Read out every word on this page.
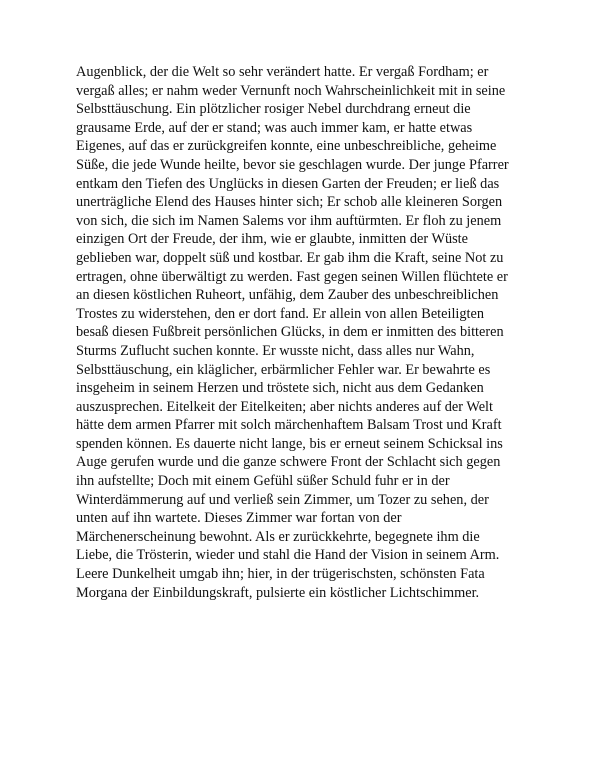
Augenblick, der die Welt so sehr verändert hatte. Er vergaß Fordham; er
vergaß alles; er nahm weder Vernunft noch Wahrscheinlichkeit mit in seine
Selbsttäuschung. Ein plötzlicher rosiger Nebel durchdrang erneut die
grausame Erde, auf der er stand; was auch immer kam, er hatte etwas
Eigenes, auf das er zurückgreifen konnte, eine unbeschreibliche, geheime
Süße, die jede Wunde heilte, bevor sie geschlagen wurde. Der junge Pfarrer
entkam den Tiefen des Unglücks in diesen Garten der Freuden; er ließ das
unerträgliche Elend des Hauses hinter sich; Er schob alle kleineren Sorgen
von sich, die sich im Namen Salems vor ihm auftürmten. Er floh zu jenem
einzigen Ort der Freude, der ihm, wie er glaubte, inmitten der Wüste
geblieben war, doppelt süß und kostbar. Er gab ihm die Kraft, seine Not zu
ertragen, ohne überwältigt zu werden. Fast gegen seinen Willen flüchtete er
an diesen köstlichen Ruheort, unfähig, dem Zauber des unbeschreiblichen
Trostes zu widerstehen, den er dort fand. Er allein von allen Beteiligten
besaß diesen Fußbreit persönlichen Glücks, in dem er inmitten des bitteren
Sturms Zuflucht suchen konnte. Er wusste nicht, dass alles nur Wahn,
Selbsttäuschung, ein kläglicher, erbärmlicher Fehler war. Er bewahrte es
insgeheim in seinem Herzen und tröstete sich, nicht aus dem Gedanken
auszusprechen. Eitelkeit der Eitelkeiten; aber nichts anderes auf der Welt
hätte dem armen Pfarrer mit solch märchenhaftem Balsam Trost und Kraft
spenden können. Es dauerte nicht lange, bis er erneut seinem Schicksal ins
Auge gerufen wurde und die ganze schwere Front der Schlacht sich gegen
ihn aufstellte; Doch mit einem Gefühl süßer Schuld fuhr er in der
Winterdämmerung auf und verließ sein Zimmer, um Tozer zu sehen, der
unten auf ihn wartete. Dieses Zimmer war fortan von der
Märchenerscheinung bewohnt. Als er zurückkehrte, begegnete ihm die
Liebe, die Trösterin, wieder und stahl die Hand der Vision in seinem Arm.
Leere Dunkelheit umgab ihn; hier, in der trügerischsten, schönsten Fata
Morgana der Einbildungskraft, pulsierte ein köstlicher Lichtschimmer.
